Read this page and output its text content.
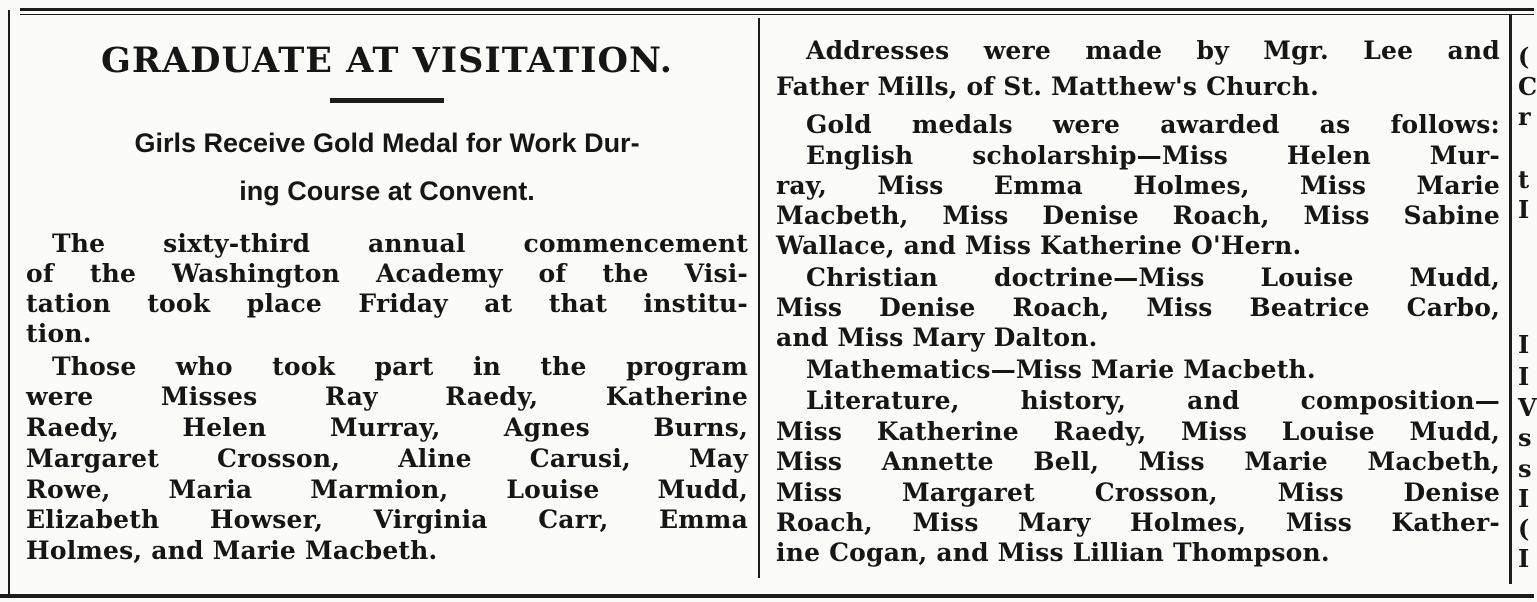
GRADUATE AT VISITATION.
Girls Receive Gold Medal for Work Dur-
ing Course at Convent.
The sixty-third annual commencement
of the Washington Academy of the Visi-
tation took place Friday at that institu-
tion.
Those who took part in the program
were Misses Ray Raedy, Katherine
Raedy, Helen Murray, Agnes Burns,
Margaret Crosson, Aline Carusi, May
Rowe, Maria Marmion, Louise Mudd,
Elizabeth Howser, Virginia Carr, Emma
Holmes, and Marie Macbeth.
Addresses were made by Mgr. Lee and
Father Mills, of St. Matthew's Church.
Gold medals were awarded as follows:
English scholarship—Miss Helen Mur-
ray, Miss Emma Holmes, Miss Marie
Macbeth, Miss Denise Roach, Miss Sabine
Wallace, and Miss Katherine O'Hern.
Christian doctrine—Miss Louise Mudd,
Miss Denise Roach, Miss Beatrice Carbo,
and Miss Mary Dalton.
Mathematics—Miss Marie Macbeth.
Literature, history, and composition—
Miss Katherine Raedy, Miss Louise Mudd,
Miss Annette Bell, Miss Marie Macbeth,
Miss Margaret Crosson, Miss Denise
Roach, Miss Mary Holmes, Miss Kather-
ine Cogan, and Miss Lillian Thompson.
(
C
r
t
I
I
I
V
s
s
I
(
I
